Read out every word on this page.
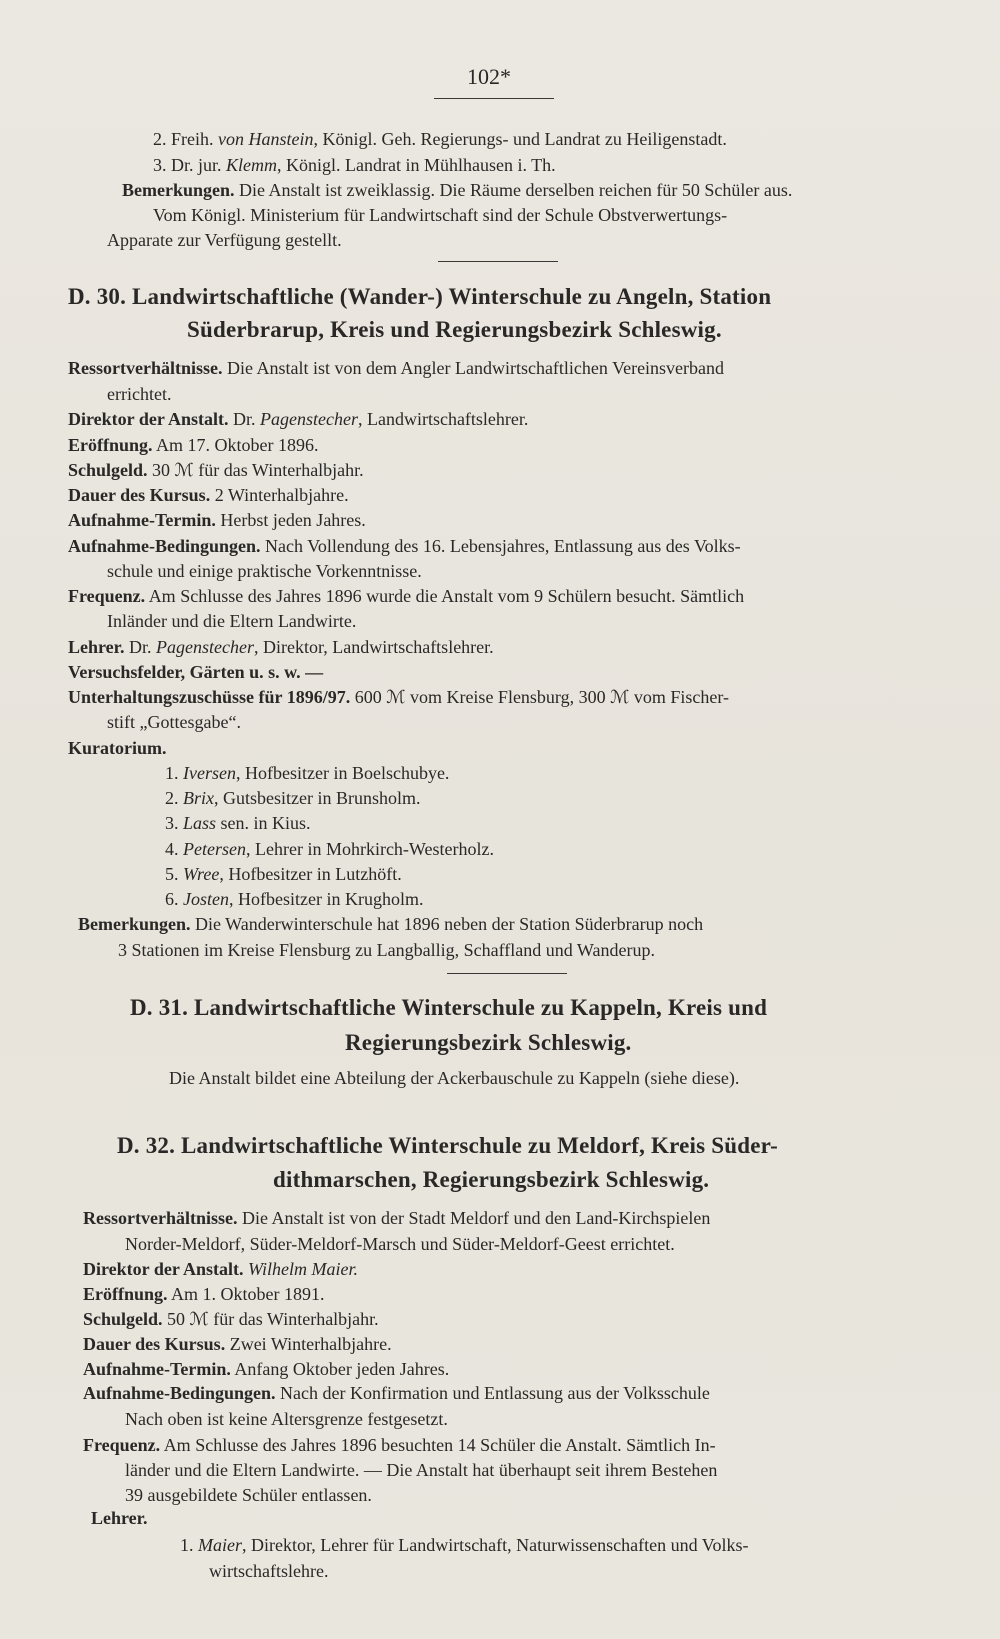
102*
2. Freih. von Hanstein, Königl. Geh. Regierungs- und Landrat zu Heiligenstadt.
3. Dr. jur. Klemm, Königl. Landrat in Mühlhausen i. Th.
Bemerkungen. Die Anstalt ist zweiklassig. Die Räume derselben reichen für 50 Schüler aus.
Vom Königl. Ministerium für Landwirtschaft sind der Schule Obstverwertungs-
Apparate zur Verfügung gestellt.
D. 30. Landwirtschaftliche (Wander-) Winterschule zu Angeln, Station
Süderbrarup, Kreis und Regierungsbezirk Schleswig.
Ressortverhältnisse. Die Anstalt ist von dem Angler Landwirtschaftlichen Vereinsverband
errichtet.
Direktor der Anstalt. Dr. Pagenstecher, Landwirtschaftslehrer.
Eröffnung. Am 17. Oktober 1896.
Schulgeld. 30 ℳ für das Winterhalbjahr.
Dauer des Kursus. 2 Winterhalbjahre.
Aufnahme-Termin. Herbst jeden Jahres.
Aufnahme-Bedingungen. Nach Vollendung des 16. Lebensjahres, Entlassung aus des Volks-
schule und einige praktische Vorkenntnisse.
Frequenz. Am Schlusse des Jahres 1896 wurde die Anstalt vom 9 Schülern besucht. Sämtlich
Inländer und die Eltern Landwirte.
Lehrer. Dr. Pagenstecher, Direktor, Landwirtschaftslehrer.
Versuchsfelder, Gärten u. s. w. —
Unterhaltungszuschüsse für 1896/97. 600 ℳ vom Kreise Flensburg, 300 ℳ vom Fischer-
stift „Gottesgabe“.
Kuratorium.
1. Iversen, Hofbesitzer in Boelschubye.
2. Brix, Gutsbesitzer in Brunsholm.
3. Lass sen. in Kius.
4. Petersen, Lehrer in Mohrkirch-Westerholz.
5. Wree, Hofbesitzer in Lutzhöft.
6. Josten, Hofbesitzer in Krugholm.
Bemerkungen. Die Wanderwinterschule hat 1896 neben der Station Süderbrarup noch
3 Stationen im Kreise Flensburg zu Langballig, Schaffland und Wanderup.
D. 31. Landwirtschaftliche Winterschule zu Kappeln, Kreis und
Regierungsbezirk Schleswig.
Die Anstalt bildet eine Abteilung der Ackerbauschule zu Kappeln (siehe diese).
D. 32. Landwirtschaftliche Winterschule zu Meldorf, Kreis Süder-
dithmarschen, Regierungsbezirk Schleswig.
Ressortverhältnisse. Die Anstalt ist von der Stadt Meldorf und den Land-Kirchspielen
Norder-Meldorf, Süder-Meldorf-Marsch und Süder-Meldorf-Geest errichtet.
Direktor der Anstalt. Wilhelm Maier.
Eröffnung. Am 1. Oktober 1891.
Schulgeld. 50 ℳ für das Winterhalbjahr.
Dauer des Kursus. Zwei Winterhalbjahre.
Aufnahme-Termin. Anfang Oktober jeden Jahres.
Aufnahme-Bedingungen. Nach der Konfirmation und Entlassung aus der Volksschule
Nach oben ist keine Altersgrenze festgesetzt.
Frequenz. Am Schlusse des Jahres 1896 besuchten 14 Schüler die Anstalt. Sämtlich In-
länder und die Eltern Landwirte. — Die Anstalt hat überhaupt seit ihrem Bestehen
39 ausgebildete Schüler entlassen.
Lehrer.
1. Maier, Direktor, Lehrer für Landwirtschaft, Naturwissenschaften und Volks-
wirtschaftslehre.
